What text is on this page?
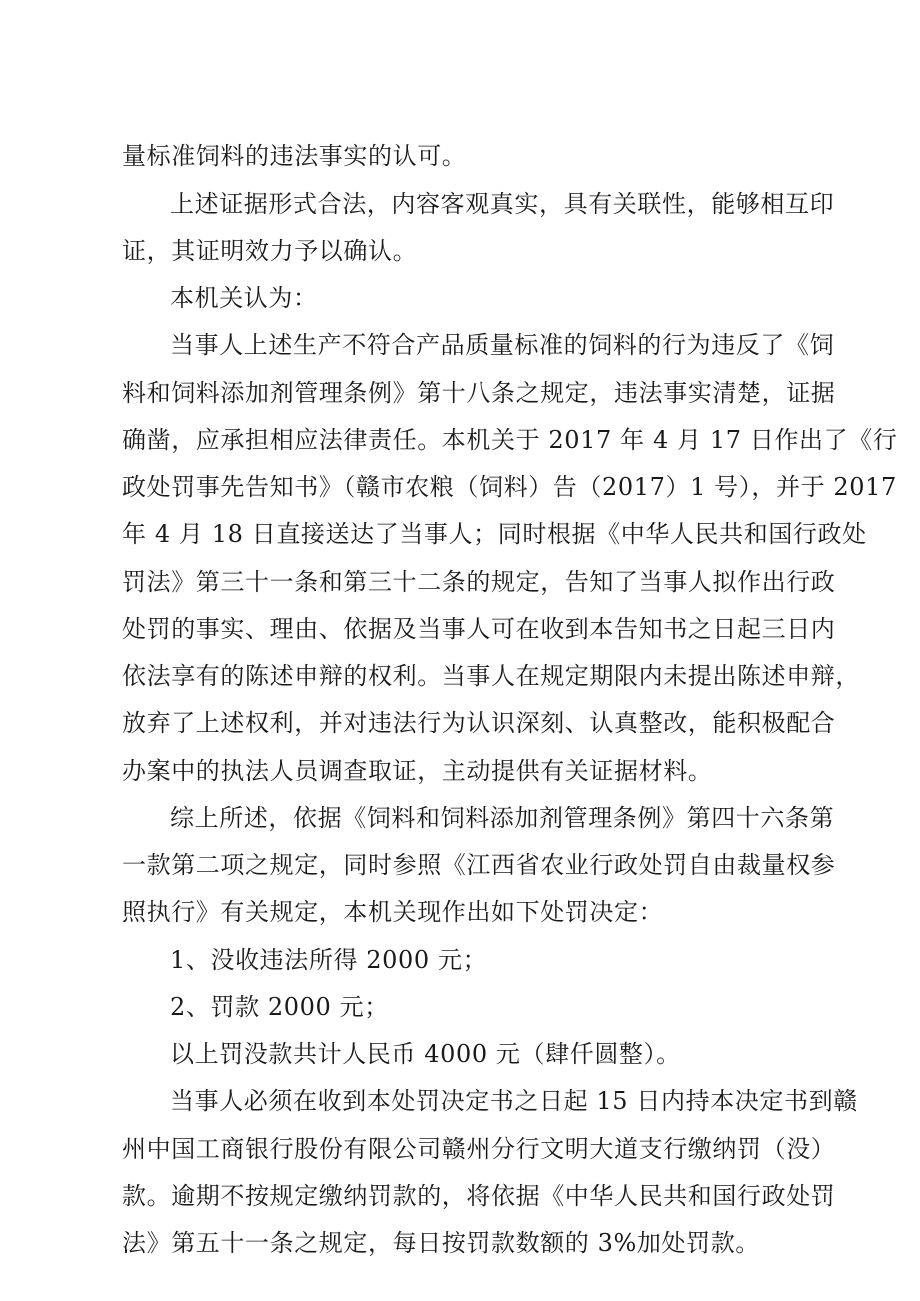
量标准饲料的违法事实的认可。
上述证据形式合法，内容客观真实，具有关联性，能够相互印
证，其证明效力予以确认。
本机关认为：
当事人上述生产不符合产品质量标准的饲料的行为违反了《饲
料和饲料添加剂管理条例》第十八条之规定，违法事实清楚，证据
确凿，应承担相应法律责任。本机关于 2017 年 4 月 17 日作出了《行
政处罚事先告知书》（赣市农粮（饲料）告（2017）1 号），并于 2017
年 4 月 18 日直接送达了当事人；同时根据《中华人民共和国行政处
罚法》第三十一条和第三十二条的规定，告知了当事人拟作出行政
处罚的事实、理由、依据及当事人可在收到本告知书之日起三日内
依法享有的陈述申辩的权利。当事人在规定期限内未提出陈述申辩，
放弃了上述权利，并对违法行为认识深刻、认真整改，能积极配合
办案中的执法人员调查取证，主动提供有关证据材料。
综上所述，依据《饲料和饲料添加剂管理条例》第四十六条第
一款第二项之规定，同时参照《江西省农业行政处罚自由裁量权参
照执行》有关规定，本机关现作出如下处罚决定：
1、没收违法所得 2000 元；
2、罚款 2000 元；
以上罚没款共计人民币 4000 元（肆仟圆整）。
当事人必须在收到本处罚决定书之日起 15 日内持本决定书到赣
州中国工商银行股份有限公司赣州分行文明大道支行缴纳罚（没）
款。逾期不按规定缴纳罚款的，将依据《中华人民共和国行政处罚
法》第五十一条之规定，每日按罚款数额的 3%加处罚款。
